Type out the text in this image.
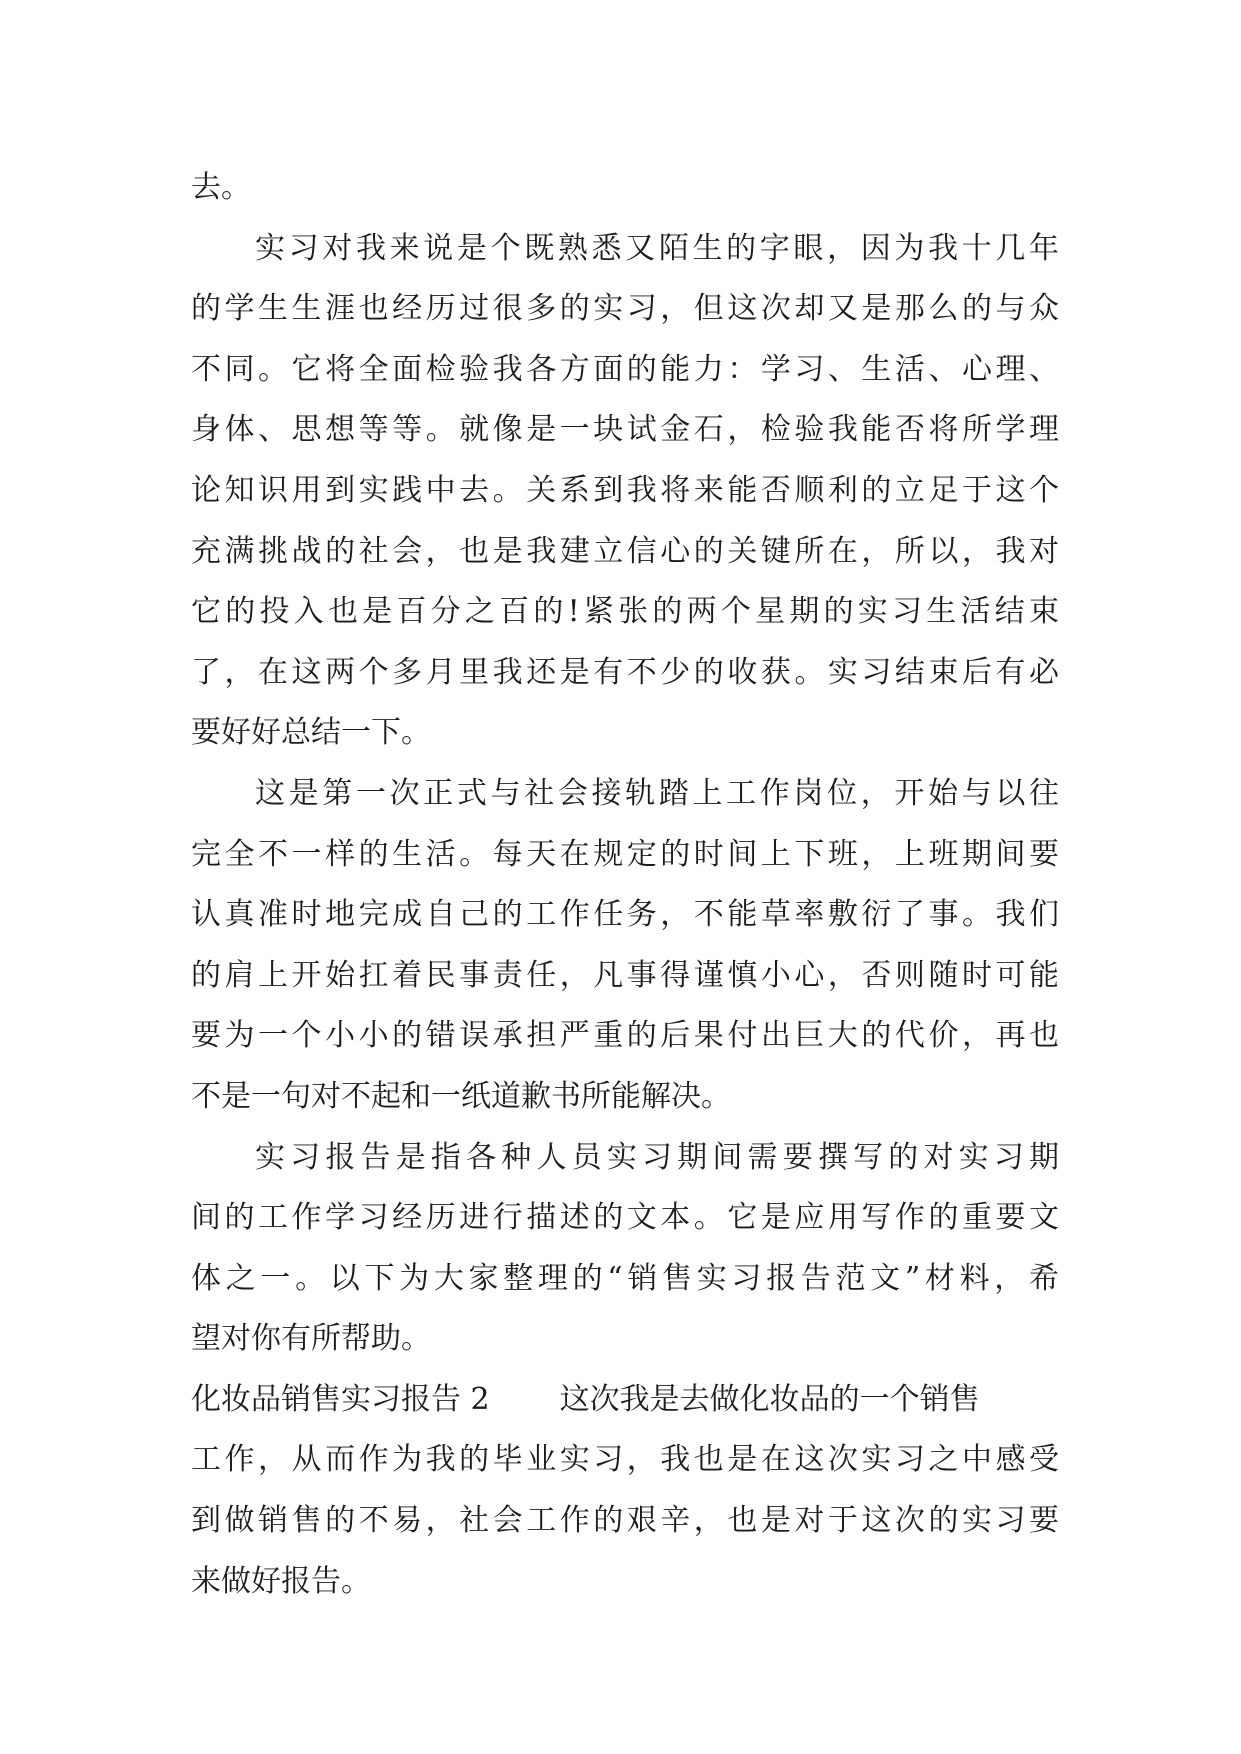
去。
实习对我来说是个既熟悉又陌生的字眼，因为我十几年
的学生生涯也经历过很多的实习，但这次却又是那么的与众
不同。它将全面检验我各方面的能力：学习、生活、心理、
身体、思想等等。就像是一块试金石，检验我能否将所学理
论知识用到实践中去。关系到我将来能否顺利的立足于这个
充满挑战的社会，也是我建立信心的关键所在，所以，我对
它的投入也是百分之百的!紧张的两个星期的实习生活结束
了，在这两个多月里我还是有不少的收获。实习结束后有必
要好好总结一下。
这是第一次正式与社会接轨踏上工作岗位，开始与以往
完全不一样的生活。每天在规定的时间上下班，上班期间要
认真准时地完成自己的工作任务，不能草率敷衍了事。我们
的肩上开始扛着民事责任，凡事得谨慎小心，否则随时可能
要为一个小小的错误承担严重的后果付出巨大的代价，再也
不是一句对不起和一纸道歉书所能解决。
实习报告是指各种人员实习期间需要撰写的对实习期
间的工作学习经历进行描述的文本。它是应用写作的重要文
体之一。以下为大家整理的“销售实习报告范文”材料，希
望对你有所帮助。
化妆品销售实习报告 2 这次我是去做化妆品的一个销售
工作，从而作为我的毕业实习，我也是在这次实习之中感受
到做销售的不易，社会工作的艰辛，也是对于这次的实习要
来做好报告。
